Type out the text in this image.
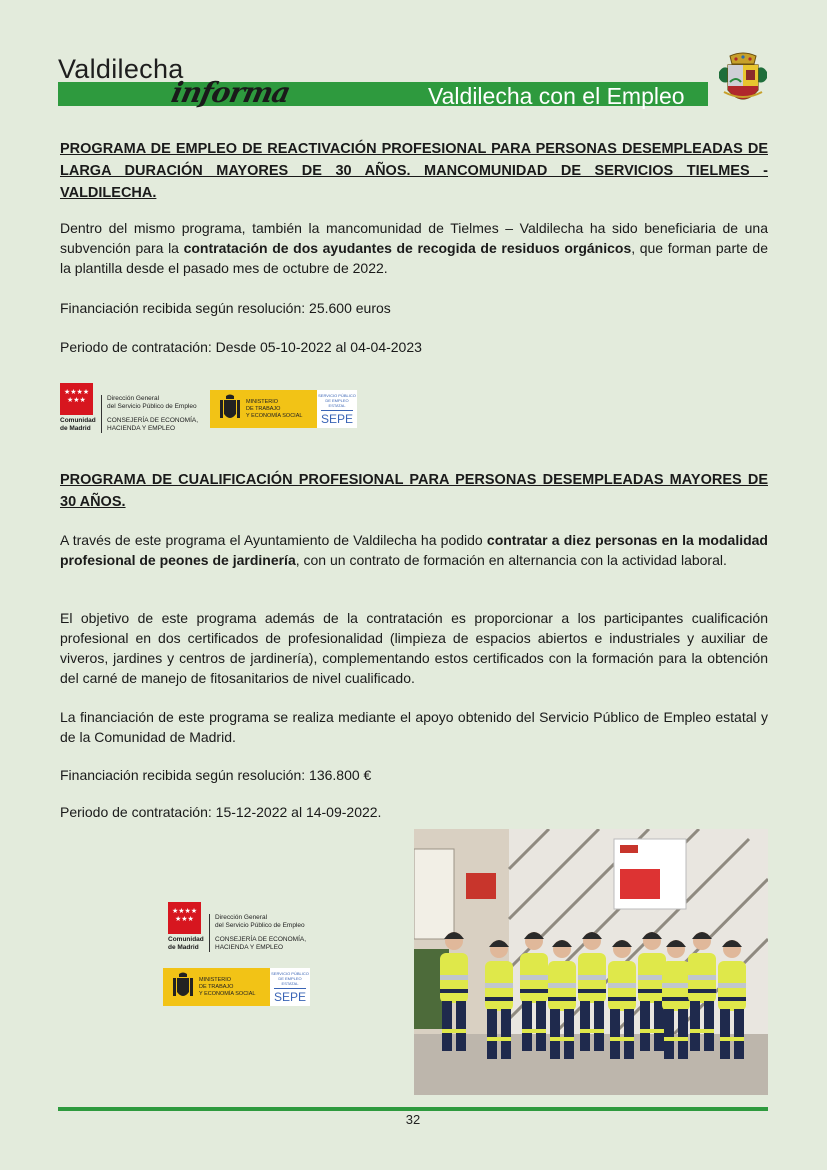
Valdilecha
informa	Valdilecha con el Empleo
PROGRAMA DE EMPLEO DE REACTIVACIÓN PROFESIONAL PARA PERSONAS DESEMPLEADAS DE LARGA DURACIÓN MAYORES DE 30 AÑOS. MANCOMUNIDAD DE SERVICIOS TIELMES - VALDILECHA.
Dentro del mismo programa, también la mancomunidad de Tielmes – Valdilecha ha sido beneficiaria de una subvención para la contratación de dos ayudantes de recogida de residuos orgánicos, que forman parte de la plantilla desde el pasado mes de octubre de 2022.
Financiación recibida según resolución: 25.600 euros
Periodo de contratación: Desde 05-10-2022 al 04-04-2023
★★★★
★★★
Comunidad
de Madrid
Dirección General
del Servicio Público de Empleo
CONSEJERÍA DE ECONOMÍA,
HACIENDA Y EMPLEO
MINISTERIO
DE TRABAJO
Y ECONOMÍA SOCIAL
SERVICIO PÚBLICO DE EMPLEO ESTATAL
SEPE
PROGRAMA DE CUALIFICACIÓN PROFESIONAL PARA PERSONAS DESEMPLEADAS MAYORES DE 30 AÑOS.
A través de este programa el Ayuntamiento de Valdilecha ha podido contratar a diez personas en la modalidad profesional de peones de jardinería, con un contrato de formación en alternancia con la actividad laboral.
El objetivo de este programa además de la contratación es proporcionar a los participantes cualificación profesional en dos certificados de profesionalidad (limpieza de espacios abiertos e industriales y auxiliar de viveros, jardines y centros de jardinería), complementando estos certificados con la formación para la obtención del carné de manejo de fitosanitarios de nivel cualificado.
La financiación de este programa se realiza mediante el apoyo obtenido del Servicio Público de Empleo estatal y de la Comunidad de Madrid.
Financiación recibida según resolución: 136.800 €
Periodo de contratación: 15-12-2022 al 14-09-2022.
★★★★
★★★
Comunidad
de Madrid
Dirección General
del Servicio Público de Empleo
CONSEJERÍA DE ECONOMÍA,
HACIENDA Y EMPLEO
MINISTERIO
DE TRABAJO
Y ECONOMÍA SOCIAL
SERVICIO PÚBLICO DE EMPLEO ESTATAL
SEPE
32
